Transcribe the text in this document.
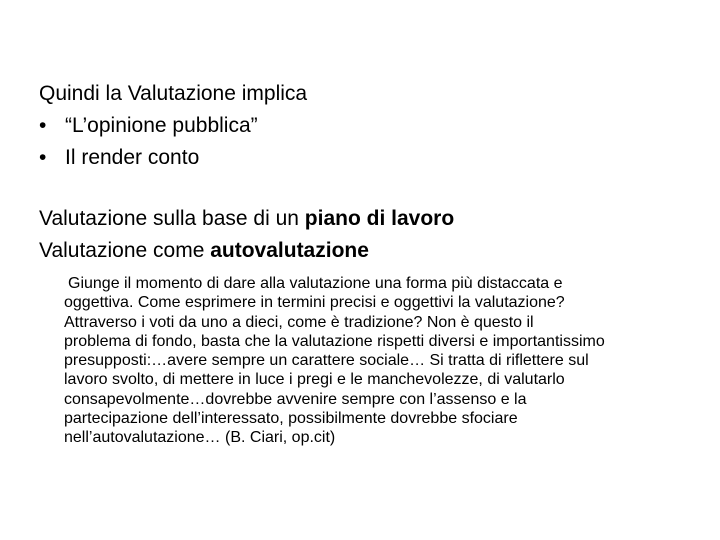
Quindi la Valutazione implica
• “L’opinione pubblica”
• Il render conto
Valutazione sulla base di un piano di lavoro
Valutazione come autovalutazione
Giunge il momento di dare alla valutazione una forma più distaccata e
oggettiva. Come esprimere in termini precisi e oggettivi la valutazione?
Attraverso i voti da uno a dieci, come è tradizione? Non è questo il
problema di fondo, basta che la valutazione rispetti diversi e importantissimo
presupposti:…avere sempre un carattere sociale… Si tratta di riflettere sul
lavoro svolto, di mettere in luce i pregi e le manchevolezze, di valutarlo
consapevolmente…dovrebbe avvenire sempre con l’assenso e la
partecipazione dell’interessato, possibilmente dovrebbe sfociare
nell’autovalutazione… (B. Ciari, op.cit)
